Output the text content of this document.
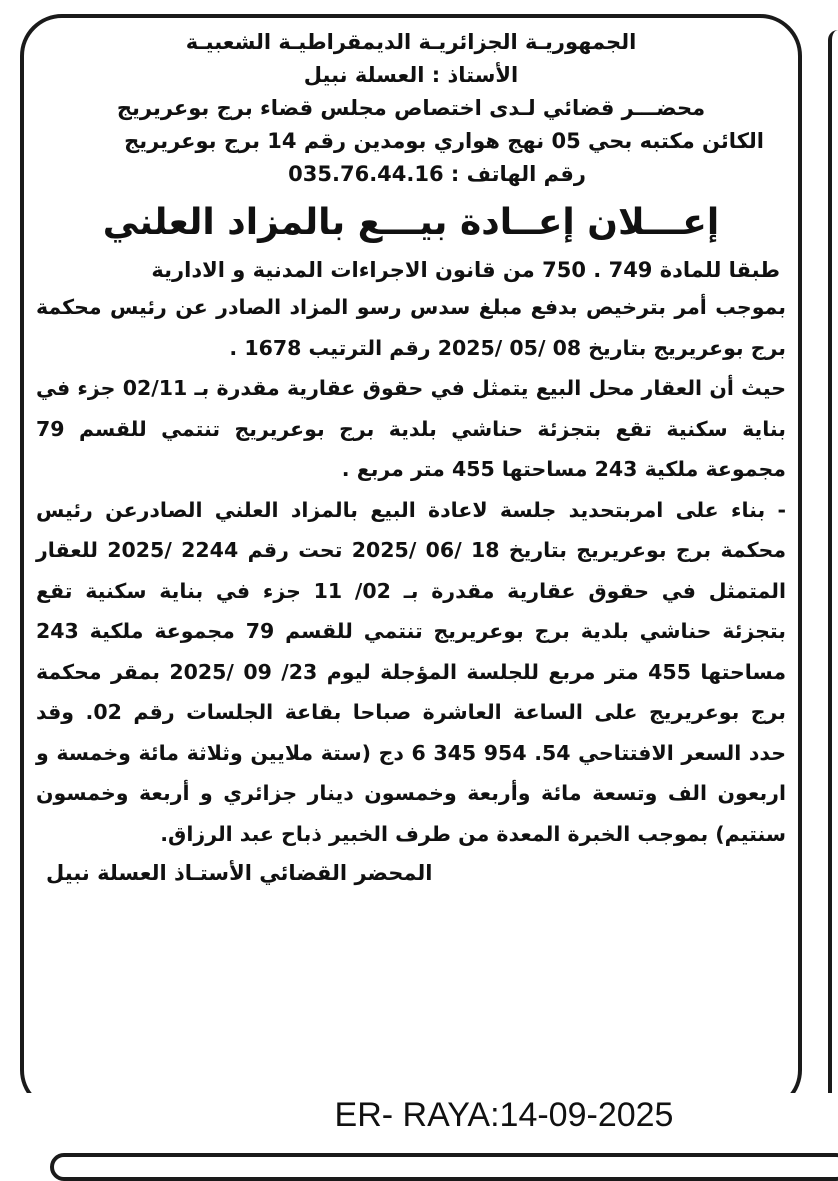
الجمهوريـة الجزائريـة الديمقراطيـة الشعبيـة
الأستاذ : العسلة نبيل
محضـــر قضائي لـدى اختصاص مجلس قضاء برج بوعريريج
الكائن مكتبه بحي 05 نهج هواري بومدين رقم 14 برج بوعريريج
رقم الهاتف : 035.76.44.16
إعـــلان إعــادة بيـــع بالمزاد العلني
طبقا للمادة 749 . 750 من قانون الاجراءات المدنية و الادارية
بموجب أمر بترخيص بدفع مبلغ سدس رسو المزاد الصادر عن رئيس محكمة برج بوعريريج بتاريخ 08 /05 /2025 رقم الترتيب 1678 .
حيث أن العقار محل البيع يتمثل في حقوق عقارية مقدرة بـ 02/11 جزء في بناية سكنية تقع بتجزئة حناشي بلدية برج بوعريريج تنتمي للقسم 79 مجموعة ملكية 243 مساحتها 455 متر مربع .
- بناء على امربتحديد جلسة لاعادة البيع بالمزاد العلني الصادرعن رئيس محكمة برج بوعريريج بتاريخ 18 /06 /2025 تحت رقم 2244 /2025 للعقار المتمثل في حقوق عقارية مقدرة بـ 02/ 11 جزء في بناية سكنية تقع بتجزئة حناشي بلدية برج بوعريريج تنتمي للقسم 79 مجموعة ملكية 243 مساحتها 455 متر مربع للجلسة المؤجلة ليوم 23/ 09 /2025 بمقر محكمة برج بوعريريج على الساعة العاشرة صباحا بقاعة الجلسات رقم 02. وقد حدد السعر الافتتاحي 54. 954 345 6 دج (ستة ملايين وثلاثة مائة وخمسة و اربعون الف وتسعة مائة وأربعة وخمسون دينار جزائري و أربعة وخمسون سنتيم) بموجب الخبرة المعدة من طرف الخبير ذباح عبد الرزاق.
المحضر القضائي الأستـاذ العسلة نبيل
ER- RAYA:14-09-2025
